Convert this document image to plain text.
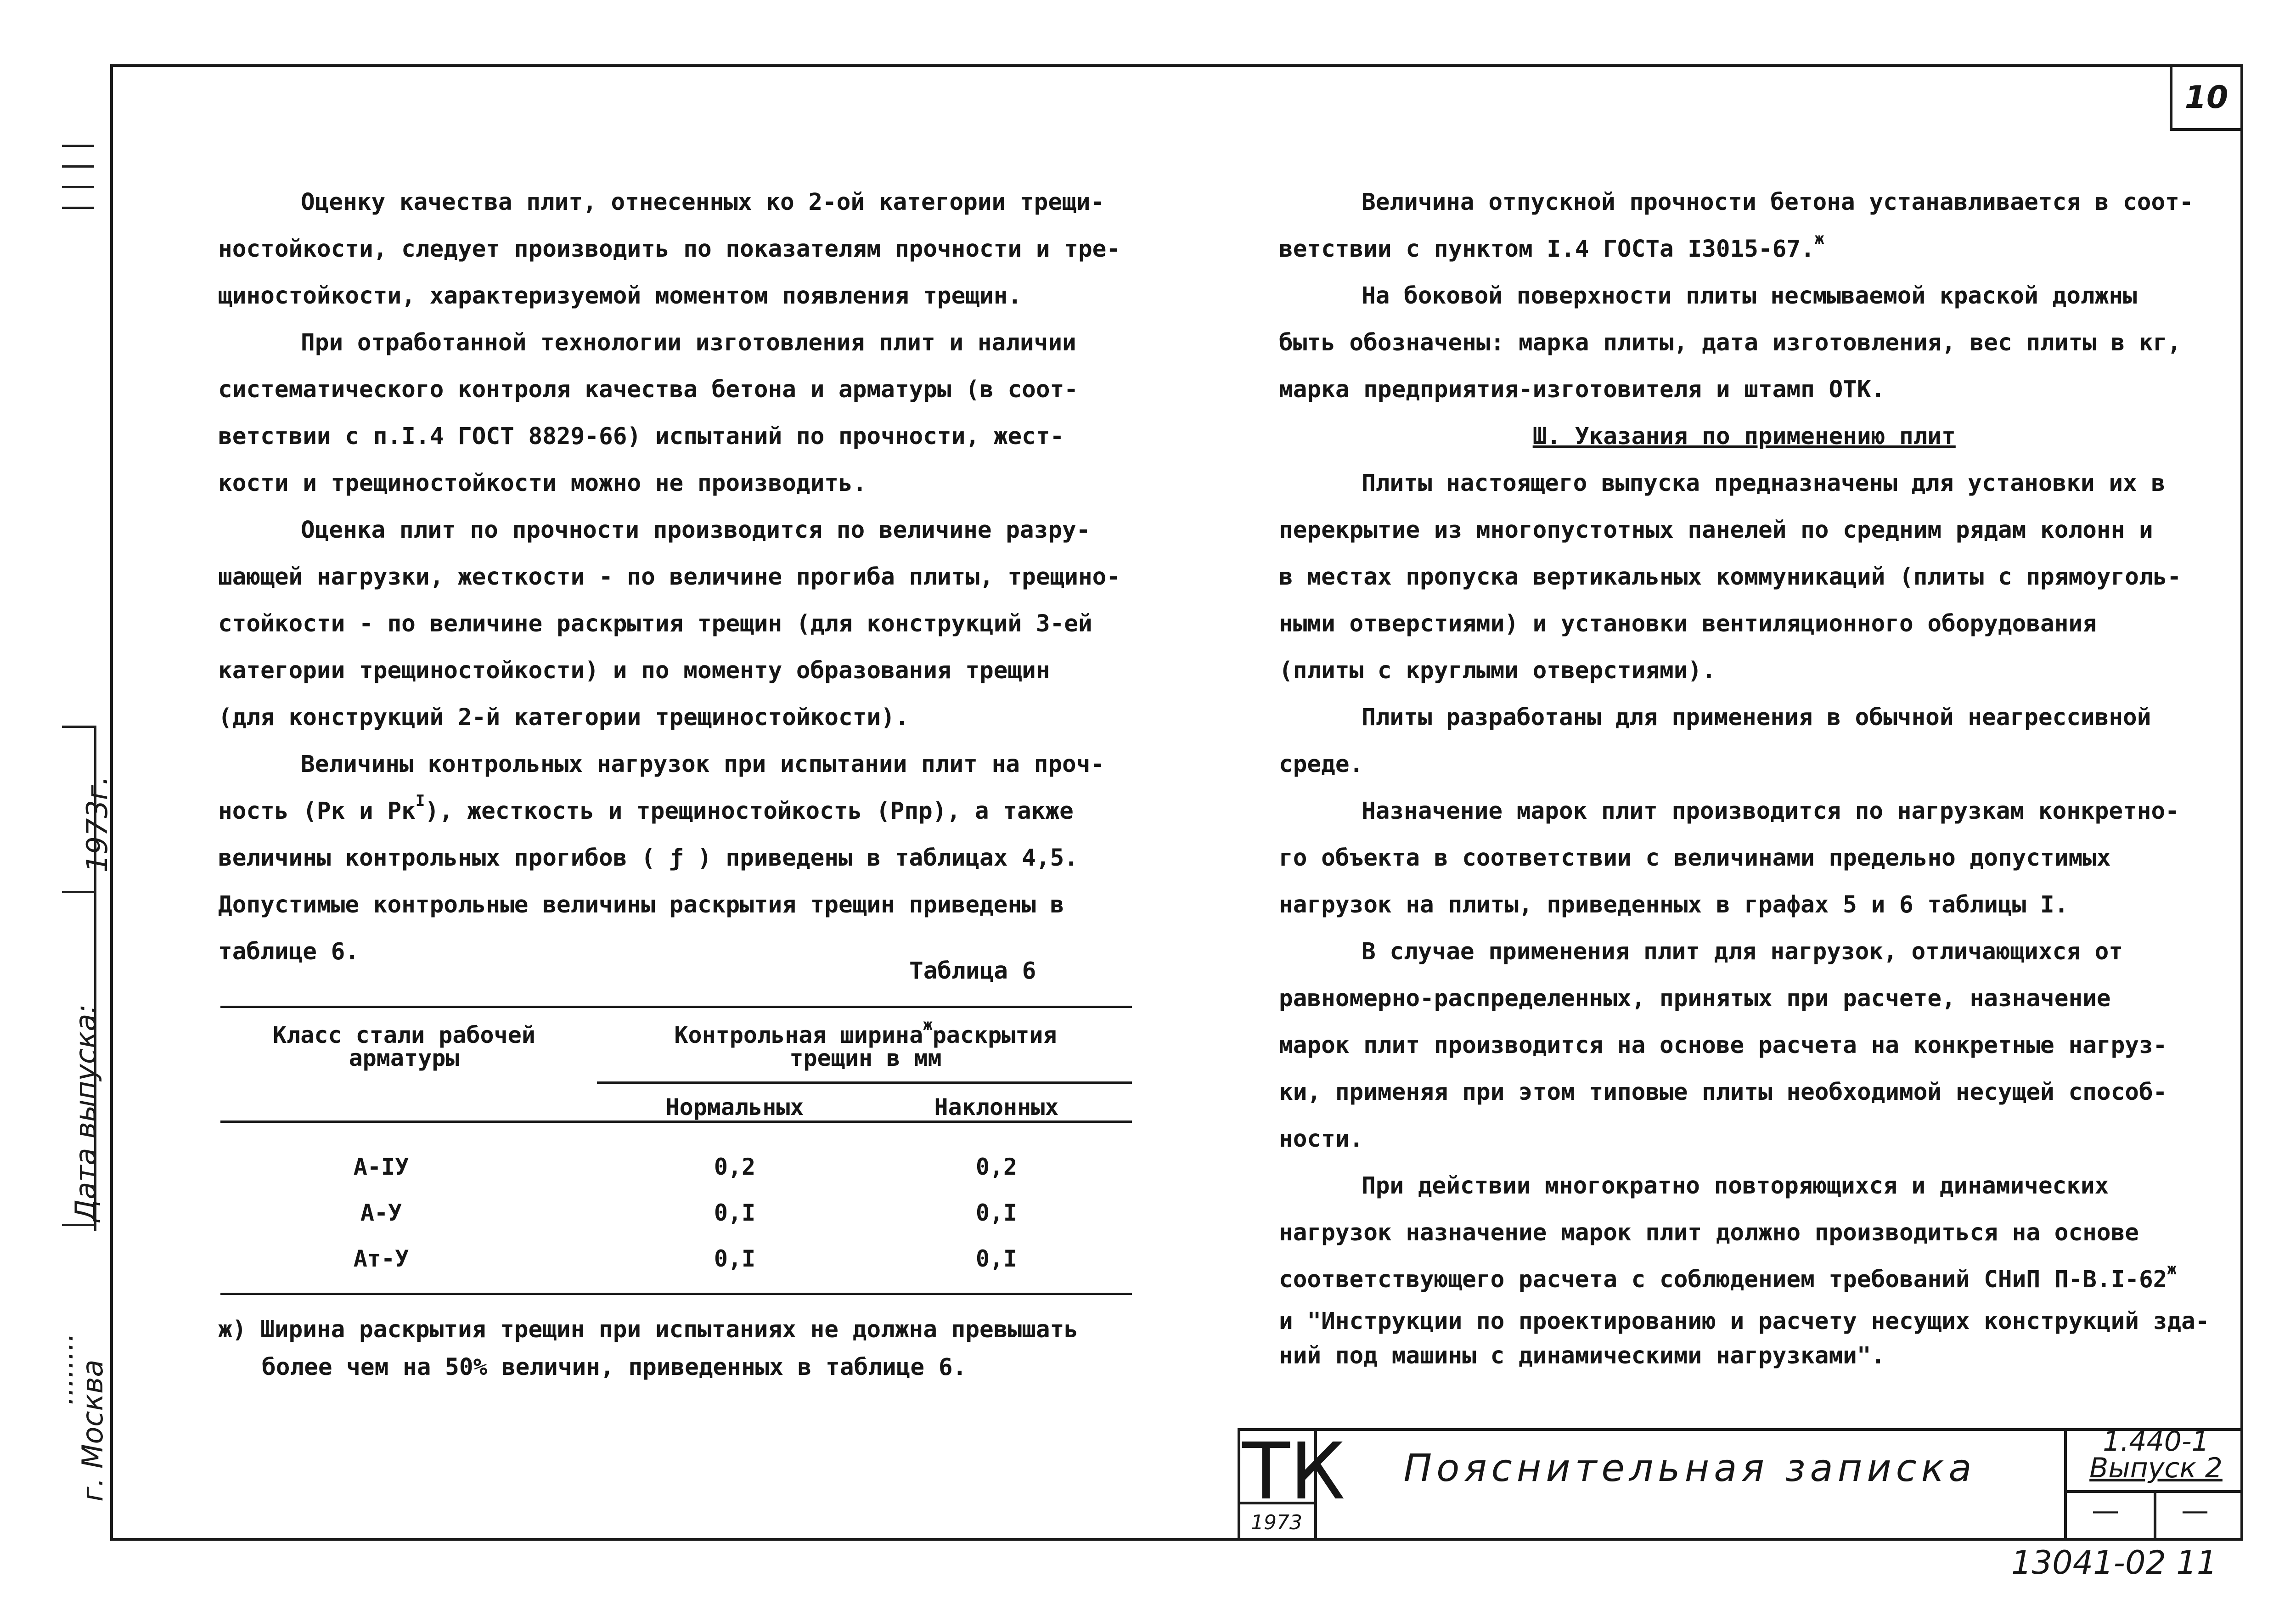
10
1973г.
Дата выпуска:
........
г. Москва

Оценку качества плит, отнесенных ко 2-ой категории трещи-

ностойкости, следует производить по показателям прочности и тре-

щиностойкости, характеризуемой моментом появления трещин.

При отработанной технологии изготовления плит и наличии

систематического контроля качества бетона и арматуры (в соот-

ветствии с п.I.4 ГОСТ 8829-66) испытаний по прочности, жест-

кости и трещиностойкости можно не производить.

Оценка плит по прочности производится по величине разру-

шающей нагрузки, жесткости - по величине прогиба плиты, трещино-

стойкости - по величине раскрытия трещин (для конструкций 3-ей

категории трещиностойкости) и по моменту образования трещин

(для конструкций 2-й категории трещиностойкости).

Величины контрольных нагрузок при испытании плит на проч-

ность (Рк и $Рк^I$), жесткость и трещиностойкость (Рпр), а также

величины контрольных прогибов ( ƒ ) приведены в таблицах 4,5.

Допустимые контрольные величины раскрытия трещин приведены в

таблице 6.

Таблица 6
Класс стали рабочей
арматуры
Контрольная ширина$^ж$раскрытия
трещин в мм
Нормальных	Наклонных
А-IУ	0,2	0,2
А-У	0,I	0,I
Ат-У	0,I	0,I

ж) Ширина раскрытия трещин при испытаниях не должна превышать

более чем на 50% величин, приведенных в таблице 6.

Величина отпускной прочности бетона устанавливается в соот-

ветствии с пунктом I.4 ГОСТа I3015-67.$^ж$

На боковой поверхности плиты несмываемой краской должны

быть обозначены: марка плиты, дата изготовления, вес плиты в кг,

марка предприятия-изготовителя и штамп ОТК.

Ш. Указания по применению плит

Плиты настоящего выпуска предназначены для установки их в

перекрытие из многопустотных панелей по средним рядам колонн и

в местах пропуска вертикальных коммуникаций (плиты с прямоуголь-

ными отверстиями) и установки вентиляционного оборудования

(плиты с круглыми отверстиями).

Плиты разработаны для применения в обычной неагрессивной

среде.

Назначение марок плит производится по нагрузкам конкретно-

го объекта в соответствии с величинами предельно допустимых

нагрузок на плиты, приведенных в графах 5 и 6 таблицы I.

В случае применения плит для нагрузок, отличающихся от

равномерно-распределенных, принятых при расчете, назначение

марок плит производится на основе расчета на конкретные нагруз-

ки, применяя при этом типовые плиты необходимой несущей способ-

ности.

При действии многократно повторяющихся и динамических

нагрузок назначение марок плит должно производиться на основе

соответствующего расчета с соблюдением требований СНиП $П-В.I-62^ж$

и "Инструкции по проектированию и расчету несущих конструкций зда-

ний под машины с динамическими нагрузками".

ТК
1973
Пояснительная записка
1.440-1
Выпуск 2
— —
13041-02 11
